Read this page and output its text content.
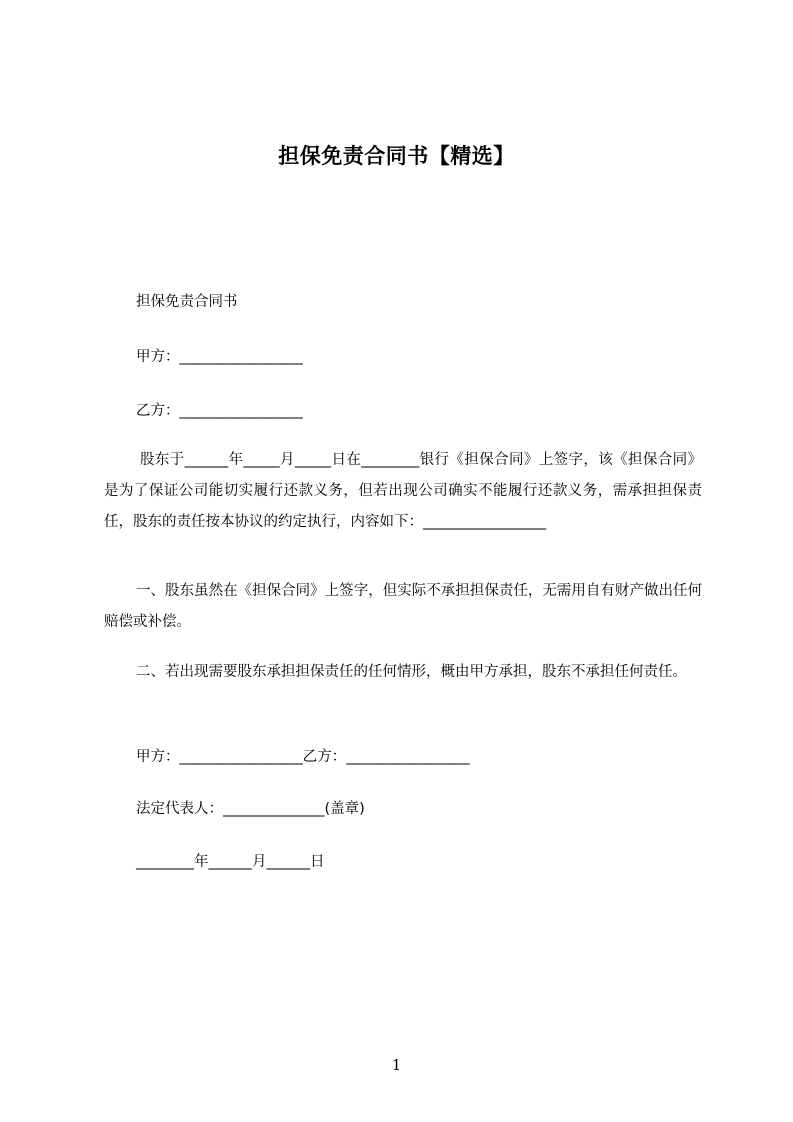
担保免责合同书【精选】

担保免责合同书

甲方：_________________

乙方：_________________

股东于______年_____月_____日在________银行《担保合同》上签字，该《担保合同》是为了保证公司能切实履行还款义务，但若出现公司确实不能履行还款义务，需承担担保责任，股东的责任按本协议的约定执行，内容如下：_________________

一、股东虽然在《担保合同》上签字，但实际不承担担保责任，无需用自有财产做出任何赔偿或补偿。

二、若出现需要股东承担担保责任的任何情形，概由甲方承担，股东不承担任何责任。

甲方：_________________乙方：_________________

法定代表人：______________(盖章)

________年______月______日

1
